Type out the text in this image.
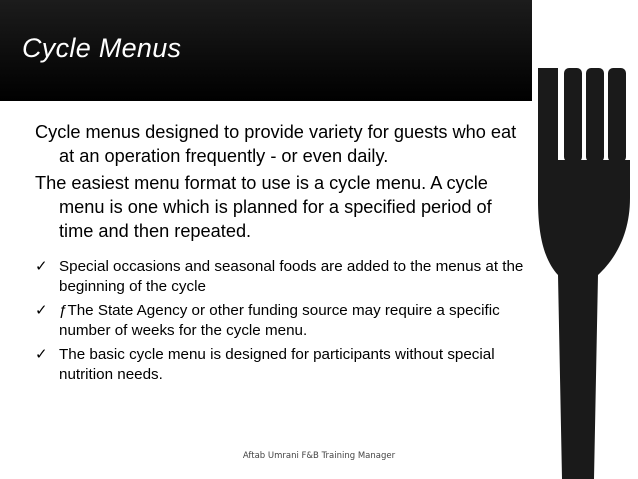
Cycle Menus

Cycle menus designed to provide variety for guests who eat at an operation frequently - or even daily.

The easiest menu format to use is a cycle menu. A cycle menu is one which is planned for a specified period of time and then repeated.

✓ Special occasions and seasonal foods are added to the menus at the beginning of the cycle
✓ ƒThe State Agency or other funding source may require a specific number of weeks for the cycle menu.
✓ The basic cycle menu is designed for participants without special nutrition needs.
Aftab Umrani F&B Training Manager
